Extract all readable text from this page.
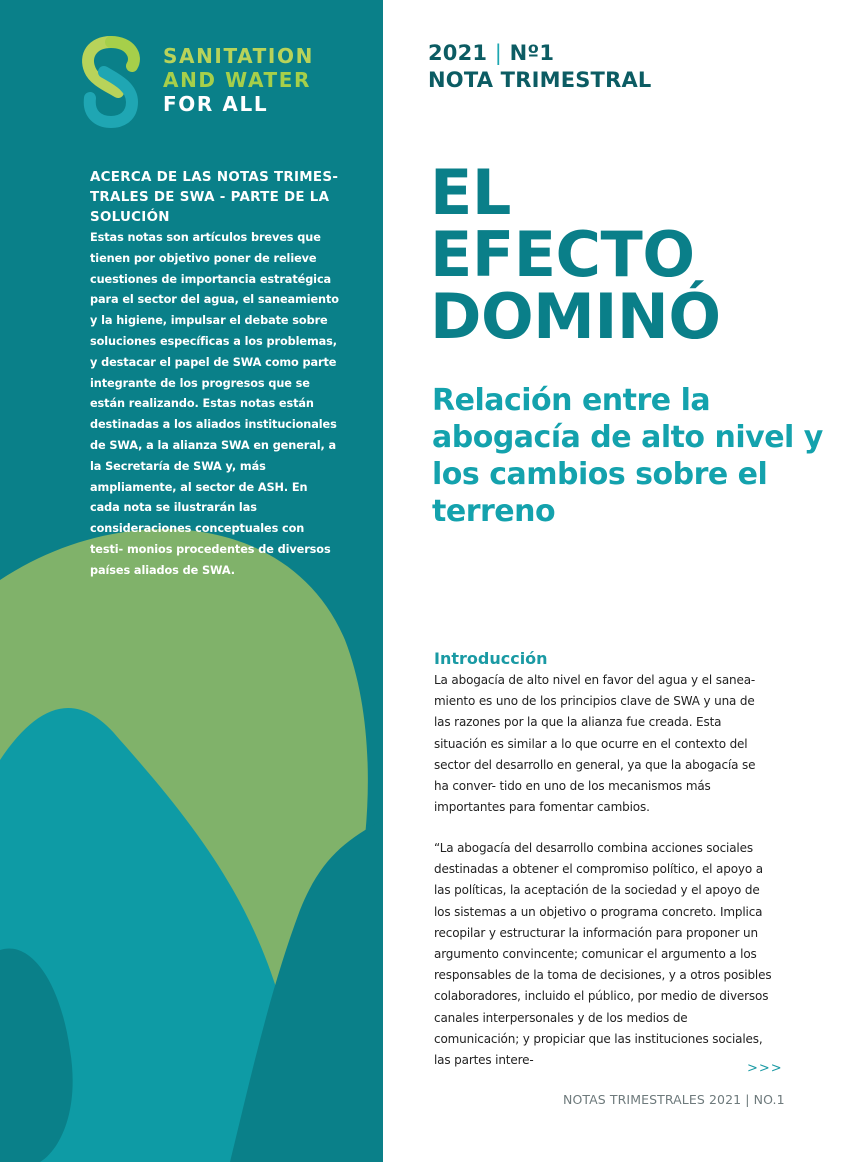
SANITATION
AND WATER
FOR ALL

ACERCA DE LAS NOTAS TRIMES- TRALES DE SWA - PARTE DE LA SOLUCIÓN

Estas notas son artículos breves que tienen por objetivo poner de relieve cuestiones de importancia estratégica para el sector del agua, el saneamiento y la higiene, impulsar el debate sobre soluciones específicas a los problemas, y destacar el papel de SWA como parte integrante de los progresos que se están realizando. Estas notas están destinadas a los aliados institucionales de SWA, a la alianza SWA en general, a la Secretaría de SWA y, más ampliamente, al sector de ASH. En cada nota se ilustrarán las consideraciones conceptuales con testi- monios procedentes de diversos países aliados de SWA.

2021 | Nº1
NOTA TRIMESTRAL
EL
EFECTO
DOMINÓ
Relación entre la abogacía de alto nivel y los cambios sobre el terreno
Introducción

La abogacía de alto nivel en favor del agua y el sanea- miento es uno de los principios clave de SWA y una de las razones por la que la alianza fue creada. Esta situación es similar a lo que ocurre en el contexto del sector del desarrollo en general, ya que la abogacía se ha conver- tido en uno de los mecanismos más importantes para fomentar cambios.

“La abogacía del desarrollo combina acciones sociales destinadas a obtener el compromiso político, el apoyo a las políticas, la aceptación de la sociedad y el apoyo de los sistemas a un objetivo o programa concreto. Implica recopilar y estructurar la información para proponer un argumento convincente; comunicar el argumento a los responsables de la toma de decisiones, y a otros posibles colaboradores, incluido el público, por medio de diversos canales interpersonales y de los medios de comunicación; y propiciar que las instituciones sociales, las partes intere-

>>>
NOTAS TRIMESTRALES 2021 | NO.1
